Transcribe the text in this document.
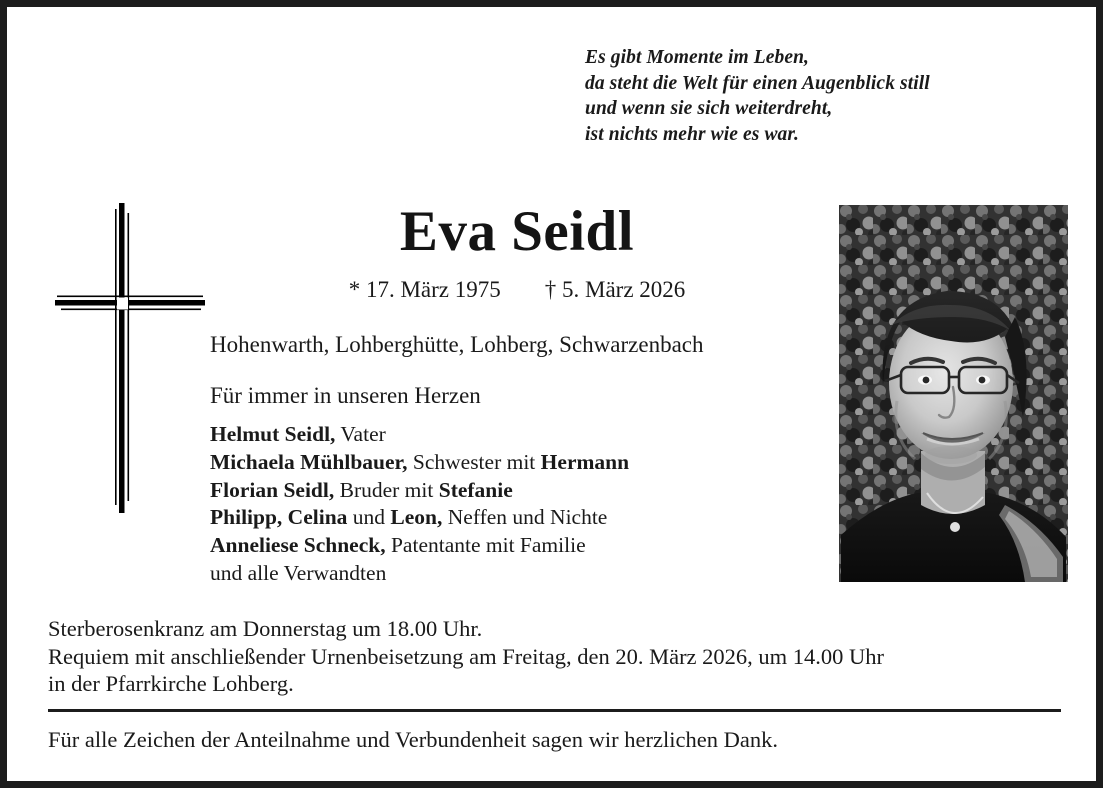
Es gibt Momente im Leben,
da steht die Welt für einen Augenblick still
und wenn sie sich weiterdreht,
ist nichts mehr wie es war.
Eva Seidl
* 17. März 1975 † 5. März 2026
Hohenwarth, Lohberghütte, Lohberg, Schwarzenbach
Für immer in unseren Herzen
Helmut Seidl, Vater
Michaela Mühlbauer, Schwester mit Hermann
Florian Seidl, Bruder mit Stefanie
Philipp, Celina und Leon, Neffen und Nichte
Anneliese Schneck, Patentante mit Familie
und alle Verwandten
Sterberosenkranz am Donnerstag um 18.00 Uhr.
Requiem mit anschließender Urnenbeisetzung am Freitag, den 20. März 2026, um 14.00 Uhr
in der Pfarrkirche Lohberg.
Für alle Zeichen der Anteilnahme und Verbundenheit sagen wir herzlichen Dank.
